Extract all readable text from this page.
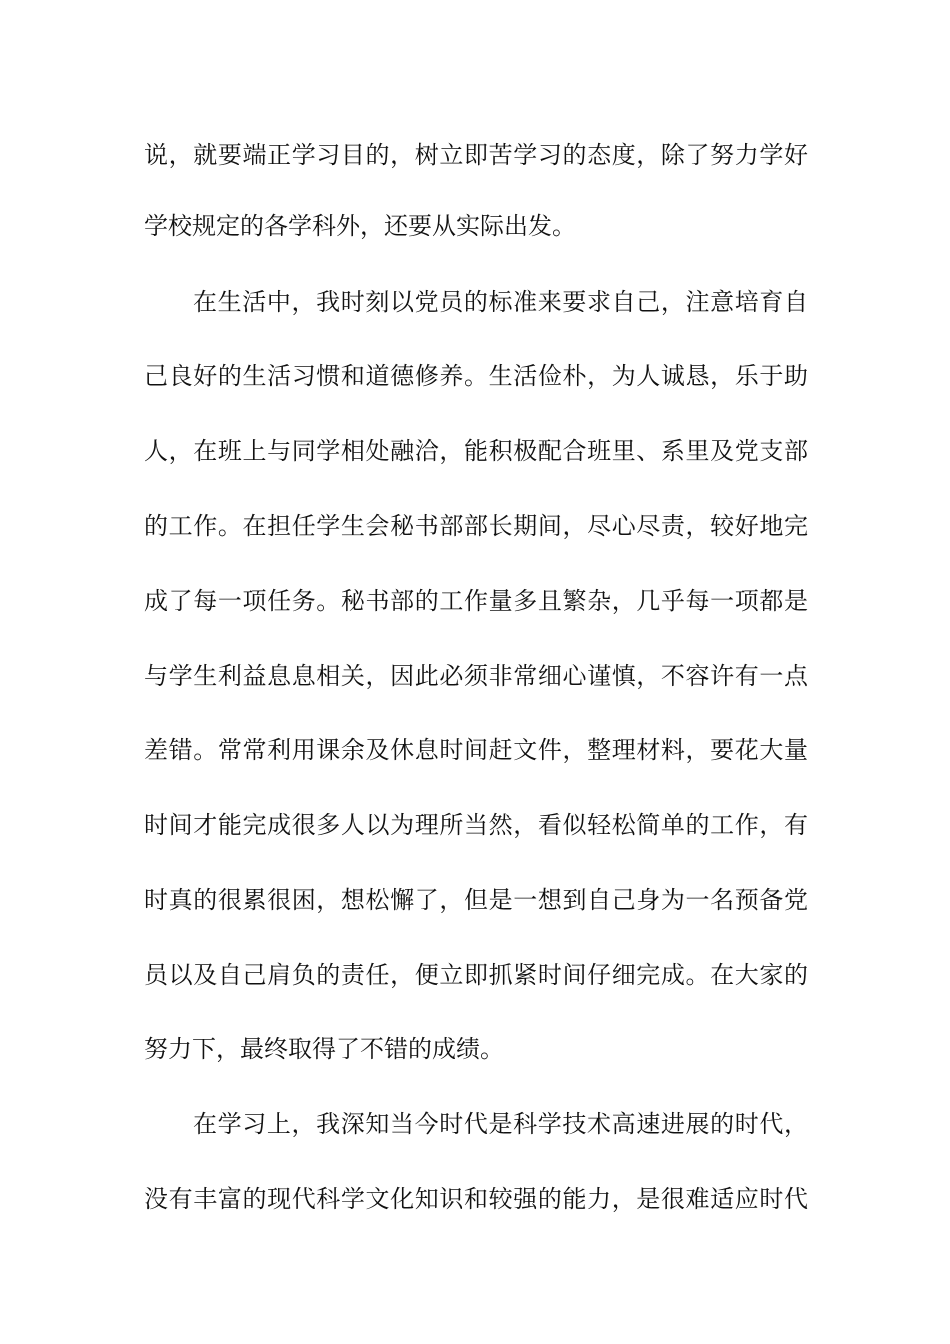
说，就要端正学习目的，树立即苦学习的态度，除了努力学好
学校规定的各学科外，还要从实际出发。
在生活中，我时刻以党员的标准来要求自己，注意培育自
己良好的生活习惯和道德修养。生活俭朴，为人诚恳，乐于助
人，在班上与同学相处融洽，能积极配合班里、系里及党支部
的工作。在担任学生会秘书部部长期间，尽心尽责，较好地完
成了每一项任务。秘书部的工作量多且繁杂，几乎每一项都是
与学生利益息息相关，因此必须非常细心谨慎，不容许有一点
差错。常常利用课余及休息时间赶文件，整理材料，要花大量
时间才能完成很多人以为理所当然，看似轻松简单的工作，有
时真的很累很困，想松懈了，但是一想到自己身为一名预备党
员以及自己肩负的责任，便立即抓紧时间仔细完成。在大家的
努力下，最终取得了不错的成绩。
在学习上，我深知当今时代是科学技术高速进展的时代，
没有丰富的现代科学文化知识和较强的能力，是很难适应时代
